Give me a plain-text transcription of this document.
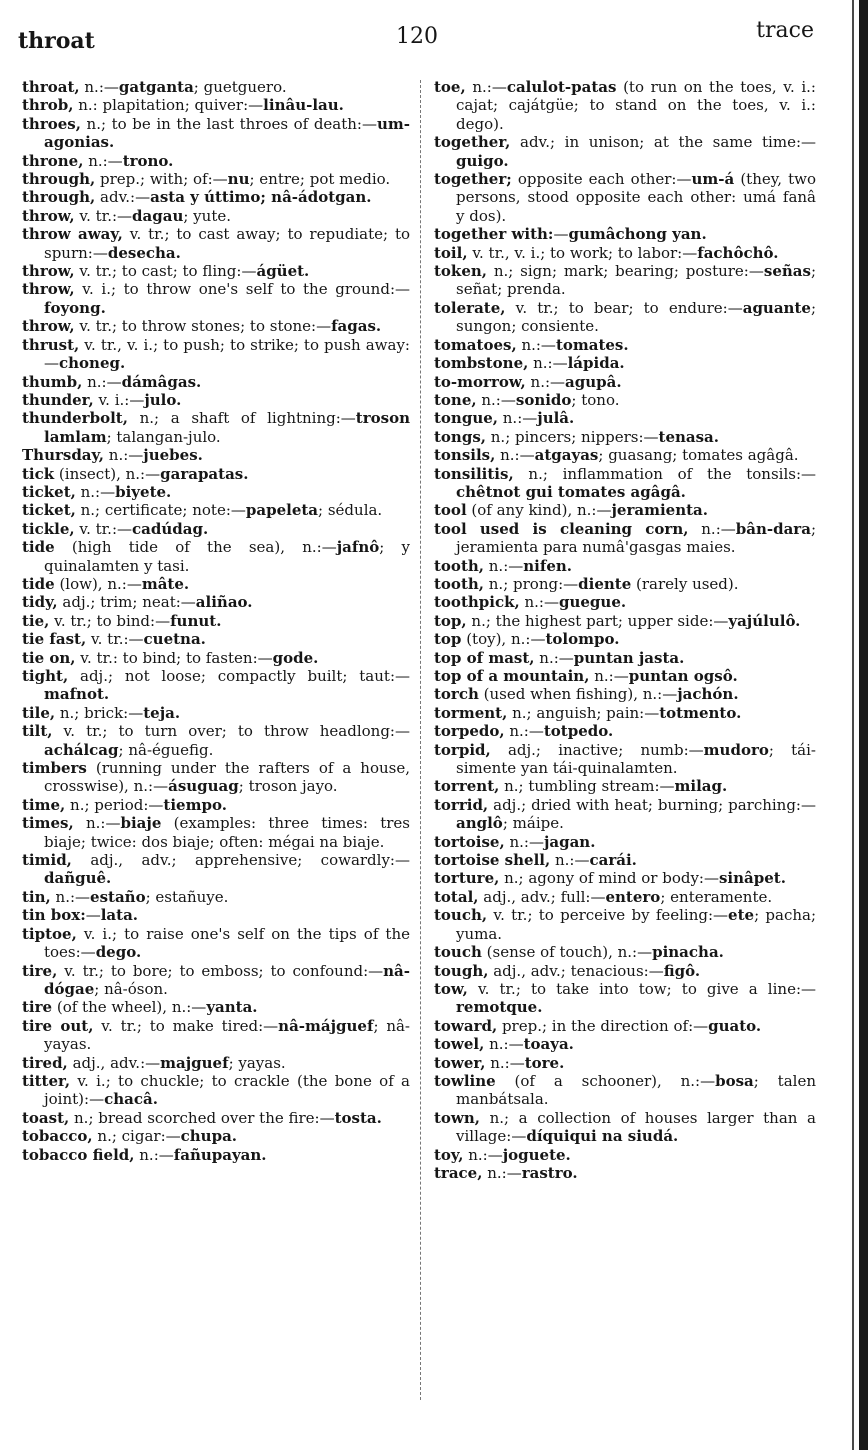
throat	120	trace

throat, n.:—gatganta; guetguero.

throb, n.: plapitation; quiver:—linâu-lau.

throes, n.; to be in the last throes of death:—um-agonias.

throne, n.:—trono.

through, prep.; with; of:—nu; entre; pot medio.

through, adv.:—asta y úttimo; nâ-ádotgan.

throw, v. tr.:—dagau; yute.

throw away, v. tr.; to cast away; to repudiate; to spurn:—desecha.

throw, v. tr.; to cast; to fling:—ágüet.

throw, v. i.; to throw one's self to the ground:—foyong.

throw, v. tr.; to throw stones; to stone:—fagas.

thrust, v. tr., v. i.; to push; to strike; to push away:—choneg.

thumb, n.:—dámâgas.

thunder, v. i.:—julo.

thunderbolt, n.; a shaft of lightning:—troson lamlam; talangan-julo.

Thursday, n.:—juebes.

tick (insect), n.:—garapatas.

ticket, n.:—biyete.

ticket, n.; certificate; note:—papeleta; sédula.

tickle, v. tr.:—cadúdag.

tide (high tide of the sea), n.:—jafnô; y quinalamten y tasi.

tide (low), n.:—mâte.

tidy, adj.; trim; neat:—aliñao.

tie, v. tr.; to bind:—funut.

tie fast, v. tr.:—cuetna.

tie on, v. tr.: to bind; to fasten:—gode.

tight, adj.; not loose; compactly built; taut:—mafnot.

tile, n.; brick:—teja.

tilt, v. tr.; to turn over; to throw headlong:—achálcag; nâ-éguefig.

timbers (running under the rafters of a house, crosswise), n.:—ásuguag; troson jayo.

time, n.; period:—tiempo.

times, n.:—biaje (examples: three times: tres biaje; twice: dos biaje; often: mégai na biaje.

timid, adj., adv.; apprehensive; cowardly:—dañguê.

tin, n.:—estaño; estañuye.

tin box:—lata.

tiptoe, v. i.; to raise one's self on the tips of the toes:—dego.

tire, v. tr.; to bore; to emboss; to confound:—nâ-dógae; nâ-óson.

tire (of the wheel), n.:—yanta.

tire out, v. tr.; to make tired:—nâ-májguef; nâ-yayas.

tired, adj., adv.:—majguef; yayas.

titter, v. i.; to chuckle; to crackle (the bone of a joint):—chacâ.

toast, n.; bread scorched over the fire:—tosta.

tobacco, n.; cigar:—chupa.

tobacco field, n.:—fañupayan.

toe, n.:—calulot-patas (to run on the toes, v. i.: cajat; cajátgüe; to stand on the toes, v. i.: dego).

together, adv.; in unison; at the same time:—guigo.

together; opposite each other:—um-á (they, two persons, stood opposite each other: umá fanâ y dos).

together with:—gumâchong yan.

toil, v. tr., v. i.; to work; to labor:—fachôchô.

token, n.; sign; mark; bearing; posture:—señas; señat; prenda.

tolerate, v. tr.; to bear; to endure:—aguante; sungon; consiente.

tomatoes, n.:—tomates.

tombstone, n.:—lápida.

to-morrow, n.:—agupâ.

tone, n.:—sonido; tono.

tongue, n.:—julâ.

tongs, n.; pincers; nippers:—tenasa.

tonsils, n.:—atgayas; guasang; tomates agâgâ.

tonsilitis, n.; inflammation of the tonsils:—chêtnot gui tomates agâgâ.

tool (of any kind), n.:—jeramienta.

tool used is cleaning corn, n.:—bân-dara; jeramienta para numâ'gasgas maies.

tooth, n.:—nifen.

tooth, n.; prong:—diente (rarely used).

toothpick, n.:—guegue.

top, n.; the highest part; upper side:—yajúlulô.

top (toy), n.:—tolompo.

top of mast, n.:—puntan jasta.

top of a mountain, n.:—puntan ogsô.

torch (used when fishing), n.:—jachón.

torment, n.; anguish; pain:—totmento.

torpedo, n.:—totpedo.

torpid, adj.; inactive; numb:—mudoro; tái-simente yan tái-quinalamten.

torrent, n.; tumbling stream:—milag.

torrid, adj.; dried with heat; burning; parching:—anglô; máipe.

tortoise, n.:—jagan.

tortoise shell, n.:—carái.

torture, n.; agony of mind or body:—sinâpet.

total, adj., adv.; full:—entero; enteramente.

touch, v. tr.; to perceive by feeling:—ete; pacha; yuma.

touch (sense of touch), n.:—pinacha.

tough, adj., adv.; tenacious:—figô.

tow, v. tr.; to take into tow; to give a line:—remotque.

toward, prep.; in the direction of:—guato.

towel, n.:—toaya.

tower, n.:—tore.

towline (of a schooner), n.:—bosa; talen manbátsala.

town, n.; a collection of houses larger than a village:—díquiqui na siudá.

toy, n.:—joguete.

trace, n.:—rastro.
